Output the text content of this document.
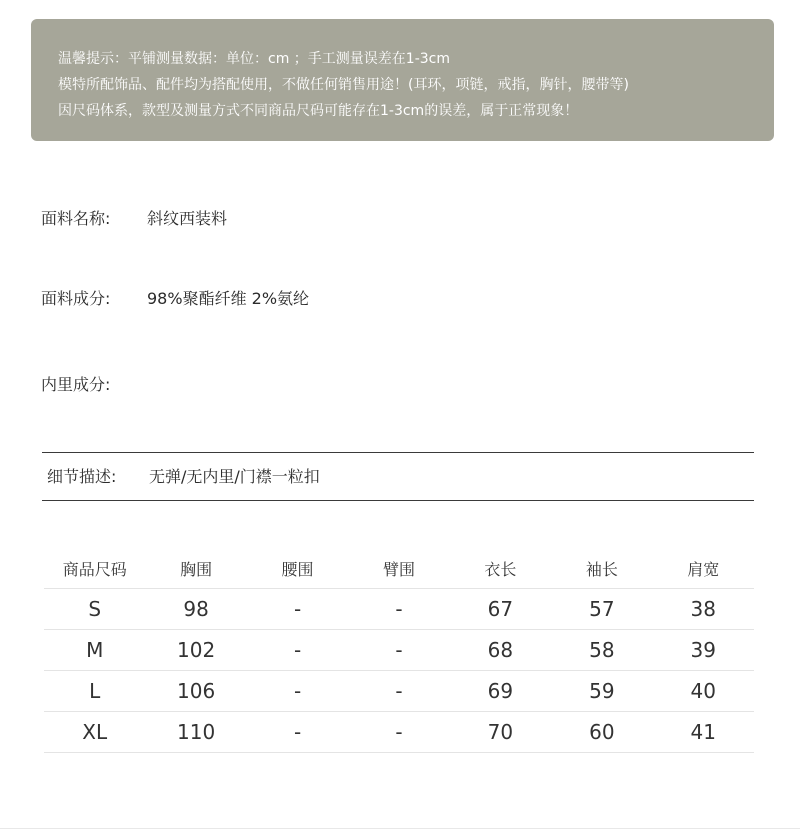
温馨提示：平铺测量数据：单位：cm ；手工测量误差在1-3cm
模特所配饰品、配件均为搭配使用，不做任何销售用途！(耳环，项链，戒指，胸针，腰带等)
因尺码体系，款型及测量方式不同商品尺码可能存在1-3cm的误差，属于正常现象！
面料名称: 斜纹西装料
面料成分: 98%聚酯纤维 2%氨纶
内里成分:
细节描述: 无弹/无内里/门襟一粒扣
商品尺码	胸围	腰围	臂围	衣长	袖长	肩宽
S	98	-	-	67	57	38
M	102	-	-	68	58	39
L	106	-	-	69	59	40
XL	110	-	-	70	60	41
